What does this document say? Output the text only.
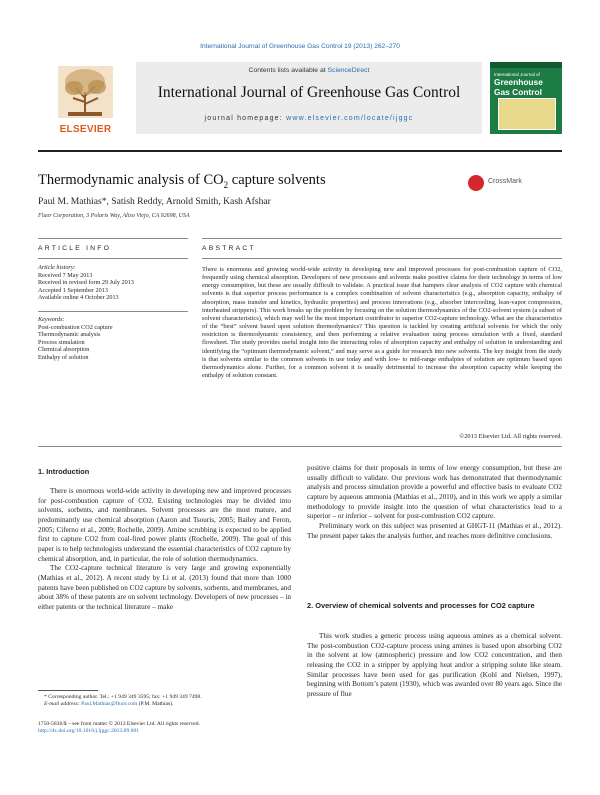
International Journal of Greenhouse Gas Control 19 (2013) 262–270
ELSEVIER
Contents lists available at ScienceDirect
International Journal of Greenhouse Gas Control
journal homepage: www.elsevier.com/locate/ijggc
International Journal of
Greenhouse Gas Control
Thermodynamic analysis of $CO_2$ capture solvents	CrossMark
Paul M. Mathias*, Satish Reddy, Arnold Smith, Kash Afshar
Fluor Corporation, 3 Polaris Way, Aliso Viejo, CA 92698, USA
ARTICLE INFO
Article history:
Received 7 May 2013
Received in revised form 29 July 2013
Accepted 1 September 2013
Available online 4 October 2013
Keywords:
Post-combustion CO2 capture
Thermodynamic analysis
Process simulation
Chemical absorption
Enthalpy of solution
ABSTRACT
There is enormous and growing world-wide activity in developing new and improved processes for post-combustion capture of CO2, frequently using chemical absorption. Developers of new processes and solvents make positive claims for their technology in terms of low energy consumption, but these are usually difficult to validate. A practical issue that hampers clear analysis of CO2 capture with chemical solvents is that superior process performance is a complex combination of solvent characteristics (e.g., absorption capacity, enthalpy of absorption, mass transfer and kinetics, hydraulic properties) and process innovations (e.g., absorber intercooling, lean-vapor compression, interheated strippers). This work breaks up the problem by focusing on the solution thermodynamics of the CO2-solvent system (a subset of solvent characteristics), which may well be the most important contributor to superior CO2-capture technology. What are the characteristics of the “best” solvent based upon solution thermodynamics? This question is tackled by creating artificial solvents for which the only restriction is thermodynamic consistency, and then performing a relative evaluation using process simulation with a fixed, standard flowsheet. The study provides useful insight into the interacting roles of absorption capacity and enthalpy of solution in understanding and identifying the “optimum thermodynamic solvent,” and may serve as a guide for research into new solvents. The key insight from the study is that solvents similar to the common solvents in use today and with low- to mid-range enthalpies of solution are optimum based upon thermodynamics alone. Further, for a common solvent it is usually detrimental to increase the absorption capacity while keeping the enthalpy of solution constant.
©2013 Elsevier Ltd. All rights reserved.
1. Introduction

There is enormous world-wide activity in developing new and improved processes for post-combustion capture of CO2. Existing technologies may be divided into solvents, sorbents, and membranes. Solvent processes are the most mature, and predominantly use chemical absorption (Aaron and Tsouris, 2005; Bailey and Feron, 2005; Ciferno et al., 2009; Rochelle, 2009). Amine scrubbing is expected to be applied first to capture CO2 from coal-fired power plants (Rochelle, 2009). The goal of this paper is to help technologists understand the essential characteristics of CO2 capture by chemical absorption, and, in particular, the role of solution thermodynamics.

The CO2-capture technical literature is very large and growing exponentially (Mathias et al., 2012). A recent study by Li et al. (2013) found that more than 1000 patents have been published on CO2 capture by solvents, sorbents, and membranes, and about 38% of these patents are on solvent technology. Developers of new processes – in either patents or the technical literature – make

positive claims for their proposals in terms of low energy consumption, but these are usually difficult to validate. Our previous work has demonstrated that thermodynamic analysis and process simulation provide a powerful and effective basis to evaluate CO2 capture by aqueous ammonia (Mathias et al., 2010), and in this work we apply a similar methodology to provide insight into the question of what characteristics lead to a superior – or inferior – solvent for post-combustion CO2 capture.

Preliminary work on this subject was presented at GHGT-11 (Mathias et al., 2012). The present paper takes the analysis further, and reaches more definitive conclusions.

2. Overview of chemical solvents and processes for CO2 capture

This work studies a generic process using aqueous amines as a chemical solvent. The post-combustion CO2-capture process using amines is based upon absorbing CO2 in the solvent at low (atmospheric) pressure and low CO2 concentration, and then releasing the CO2 in a stripper by applying heat and/or a stripping solute like steam. Similar processes have been used for gas purification (Kohl and Nielsen, 1997), beginning with Bottom’s patent (1930), which was awarded over 80 years ago. Since the pressure of flue

* Corresponding author. Tel.: +1 949 349 3595; fax: +1 949 349 7498.
E-mail address: Paul.Mathias@fluor.com (P.M. Mathias).
1750-5836/$ – see front matter © 2013 Elsevier Ltd. All rights reserved.
http://dx.doi.org/10.1016/j.ijggc.2013.09.001
